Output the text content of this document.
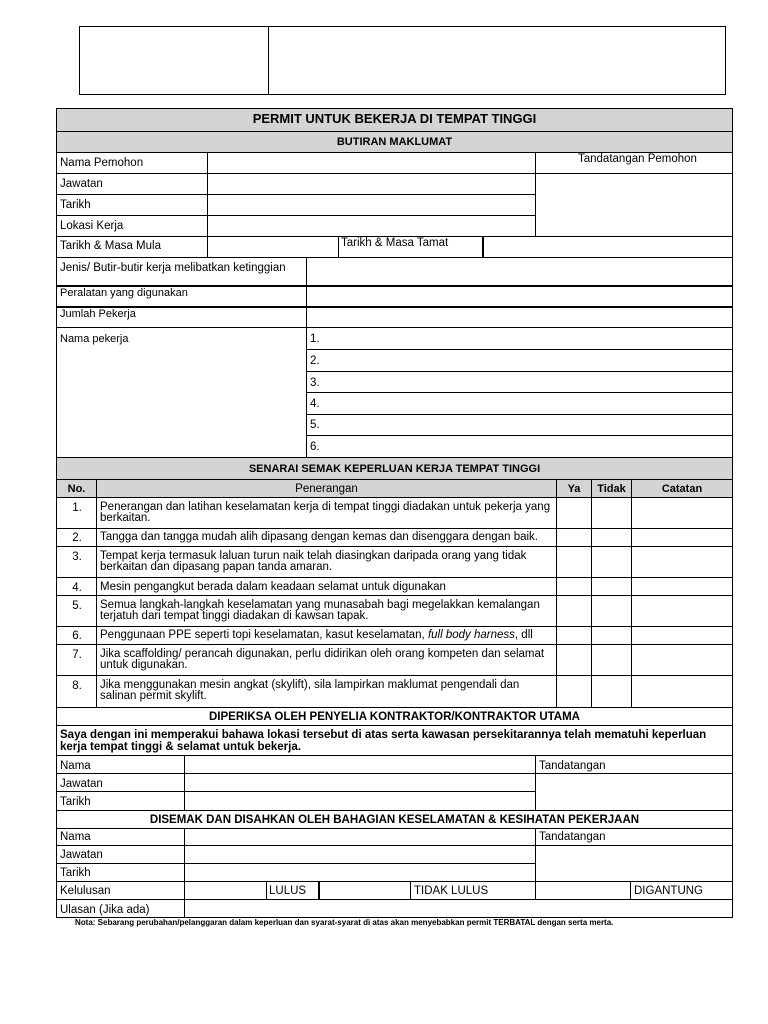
PERMIT UNTUK BEKERJA DI TEMPAT TINGGI
BUTIRAN MAKLUMAT
Nama Pemohon	Tandatangan Pemohon
Jawatan
Tarikh
Lokasi Kerja
Tarikh & Masa Mula	Tarikh & Masa Tamat
Jenis/ Butir-butir kerja melibatkan ketinggian
Peralatan yang digunakan
Jumlah Pekerja
Nama pekerja	1.
2.
3.
4.
5.
6.
SENARAI SEMAK KEPERLUAN KERJA TEMPAT TINGGI
No.	Penerangan	Ya	Tidak	Catatan
1.	Penerangan dan latihan keselamatan kerja di tempat tinggi diadakan untuk pekerja yang berkaitan.
2.	Tangga dan tangga mudah alih dipasang dengan kemas dan disenggara dengan baik.
3.	Tempat kerja termasuk laluan turun naik telah diasingkan daripada orang yang tidak berkaitan dan dipasang papan tanda amaran.
4.	Mesin pengangkut berada dalam keadaan selamat untuk digunakan
5.	Semua langkah-langkah keselamatan yang munasabah bagi megelakkan kemalangan terjatuh dari tempat tinggi diadakan di kawsan tapak.
6.	Penggunaan PPE seperti topi keselamatan, kasut keselamatan, full body harness, dll
7.	Jika scaffolding/ perancah digunakan, perlu didirikan oleh orang kompeten dan selamat untuk digunakan.
8.	Jika menggunakan mesin angkat (skylift), sila lampirkan maklumat pengendali dan salinan permit skylift.
DIPERIKSA OLEH PENYELIA KONTRAKTOR/KONTRAKTOR UTAMA
Saya dengan ini memperakui bahawa lokasi tersebut di atas serta kawasan persekitarannya telah mematuhi keperluan kerja tempat tinggi & selamat untuk bekerja.
Nama	Tandatangan
Jawatan
Tarikh
DISEMAK DAN DISAHKAN OLEH BAHAGIAN KESELAMATAN & KESIHATAN PEKERJAAN
Nama	Tandatangan
Jawatan
Tarikh
Kelulusan	LULUS	TIDAK LULUS	DIGANTUNG
Ulasan (Jika ada)
Nota: Sebarang perubahan/pelanggaran dalam keperluan dan syarat-syarat di atas akan menyebabkan permit TERBATAL dengan serta merta.
